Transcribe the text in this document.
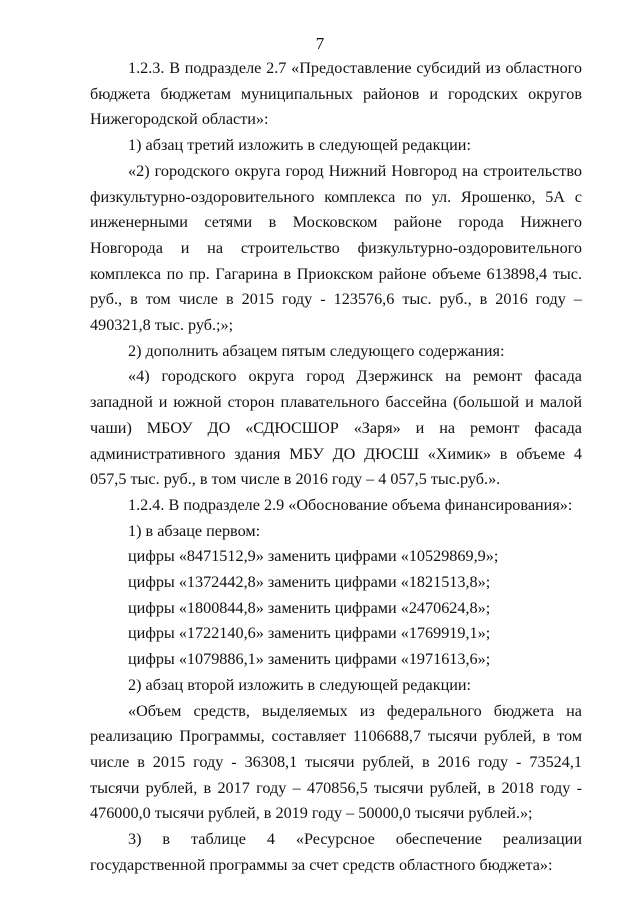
7

1.2.3. В подразделе 2.7 «Предоставление субсидий из областного бюджета бюджетам муниципальных районов и городских округов Нижегородской области»:

1) абзац третий изложить в следующей редакции:

«2) городского округа город Нижний Новгород на строительство физкультурно-оздоровительного комплекса по ул. Ярошенко, 5А с инженерными сетями в Московском районе города Нижнего Новгорода и на строительство физкультурно-оздоровительного комплекса по пр. Гагарина в Приокском районе объеме 613898,4 тыс. руб., в том числе в 2015 году - 123576,6 тыс. руб., в 2016 году – 490321,8 тыс. руб.;»;

2) дополнить абзацем пятым следующего содержания:

«4) городского округа город Дзержинск на ремонт фасада западной и южной сторон плавательного бассейна (большой и малой чаши) МБОУ ДО «СДЮСШОР «Заря» и на ремонт фасада административного здания МБУ ДО ДЮСШ «Химик» в объеме 4 057,5 тыс. руб., в том числе в 2016 году – 4 057,5 тыс.руб.».

1.2.4. В подразделе 2.9 «Обоснование объема финансирования»:

1) в абзаце первом:

цифры «8471512,9» заменить цифрами «10529869,9»;

цифры «1372442,8» заменить цифрами «1821513,8»;

цифры «1800844,8» заменить цифрами «2470624,8»;

цифры «1722140,6» заменить цифрами «1769919,1»;

цифры «1079886,1» заменить цифрами «1971613,6»;

2) абзац второй изложить в следующей редакции:

«Объем средств, выделяемых из федерального бюджета на реализацию Программы, составляет 1106688,7 тысячи рублей, в том числе в 2015 году - 36308,1 тысячи рублей, в 2016 году - 73524,1 тысячи рублей, в 2017 году – 470856,5 тысячи рублей, в 2018 году - 476000,0 тысячи рублей, в 2019 году – 50000,0 тысячи рублей.»;

3) в таблице 4 «Ресурсное обеспечение реализации государственной программы за счет средств областного бюджета»:
